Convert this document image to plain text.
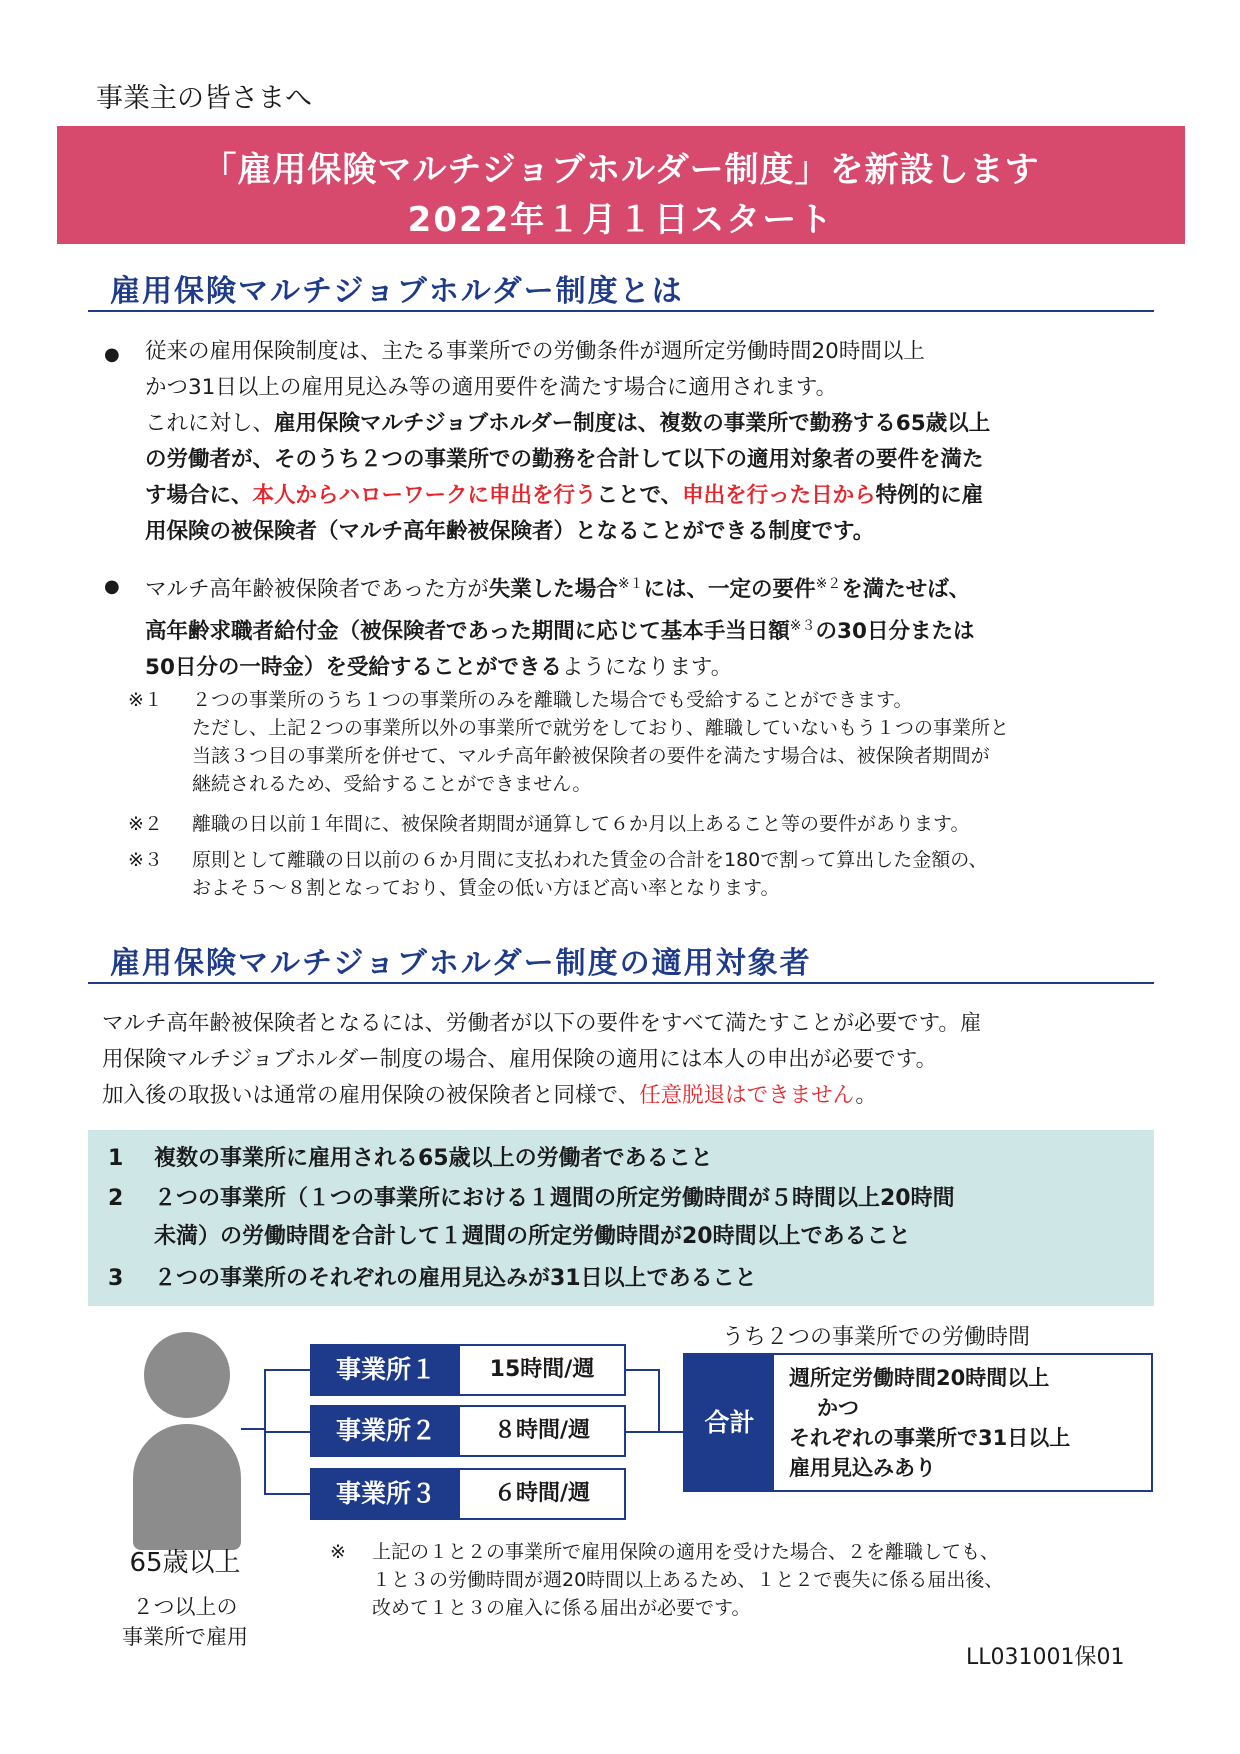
事業主の皆さまへ
「雇用保険マルチジョブホルダー制度」を新設します
2022年１月１日スタート
雇用保険マルチジョブホルダー制度とは
● 従来の雇用保険制度は、主たる事業所での労働条件が週所定労働時間20時間以上
かつ31日以上の雇用見込み等の適用要件を満たす場合に適用されます。
これに対し、雇用保険マルチジョブホルダー制度は、複数の事業所で勤務する65歳以上
の労働者が、そのうち２つの事業所での勤務を合計して以下の適用対象者の要件を満た
す場合に、本人からハローワークに申出を行うことで、申出を行った日から特例的に雇
用保険の被保険者（マルチ高年齢被保険者）となることができる制度です。
● マルチ高年齢被保険者であった方が失業した場合$^{※1}$には、一定の要件$^{※2}$を満たせば、
高年齢求職者給付金（被保険者であった期間に応じて基本手当日額$^{※3}$の30日分または
50日分の一時金）を受給することができるようになります。
※１ ２つの事業所のうち１つの事業所のみを離職した場合でも受給することができます。
ただし、上記２つの事業所以外の事業所で就労をしており、離職していないもう１つの事業所と
当該３つ目の事業所を併せて、マルチ高年齢被保険者の要件を満たす場合は、被保険者期間が
継続されるため、受給することができません。
※２ 離職の日以前１年間に、被保険者期間が通算して６か月以上あること等の要件があります。
※３ 原則として離職の日以前の６か月間に支払われた賃金の合計を180で割って算出した金額の、
およそ５～８割となっており、賃金の低い方ほど高い率となります。
雇用保険マルチジョブホルダー制度の適用対象者
マルチ高年齢被保険者となるには、労働者が以下の要件をすべて満たすことが必要です。雇
用保険マルチジョブホルダー制度の場合、雇用保険の適用には本人の申出が必要です。
加入後の取扱いは通常の雇用保険の被保険者と同様で、任意脱退はできません。
1 複数の事業所に雇用される65歳以上の労働者であること
2 ２つの事業所（１つの事業所における１週間の所定労働時間が５時間以上20時間
未満）の労働時間を合計して１週間の所定労働時間が20時間以上であること
3 ２つの事業所のそれぞれの雇用見込みが31日以上であること
うち２つの事業所での労働時間
事業所１	15時間/週
事業所２	８時間/週
事業所３	６時間/週
合計
週所定労働時間20時間以上
かつ
それぞれの事業所で31日以上
雇用見込みあり
65歳以上
２つ以上の
事業所で雇用
※ 上記の１と２の事業所で雇用保険の適用を受けた場合、２を離職しても、
１と３の労働時間が週20時間以上あるため、１と２で喪失に係る届出後、
改めて１と３の雇入に係る届出が必要です。
LL031001保01
